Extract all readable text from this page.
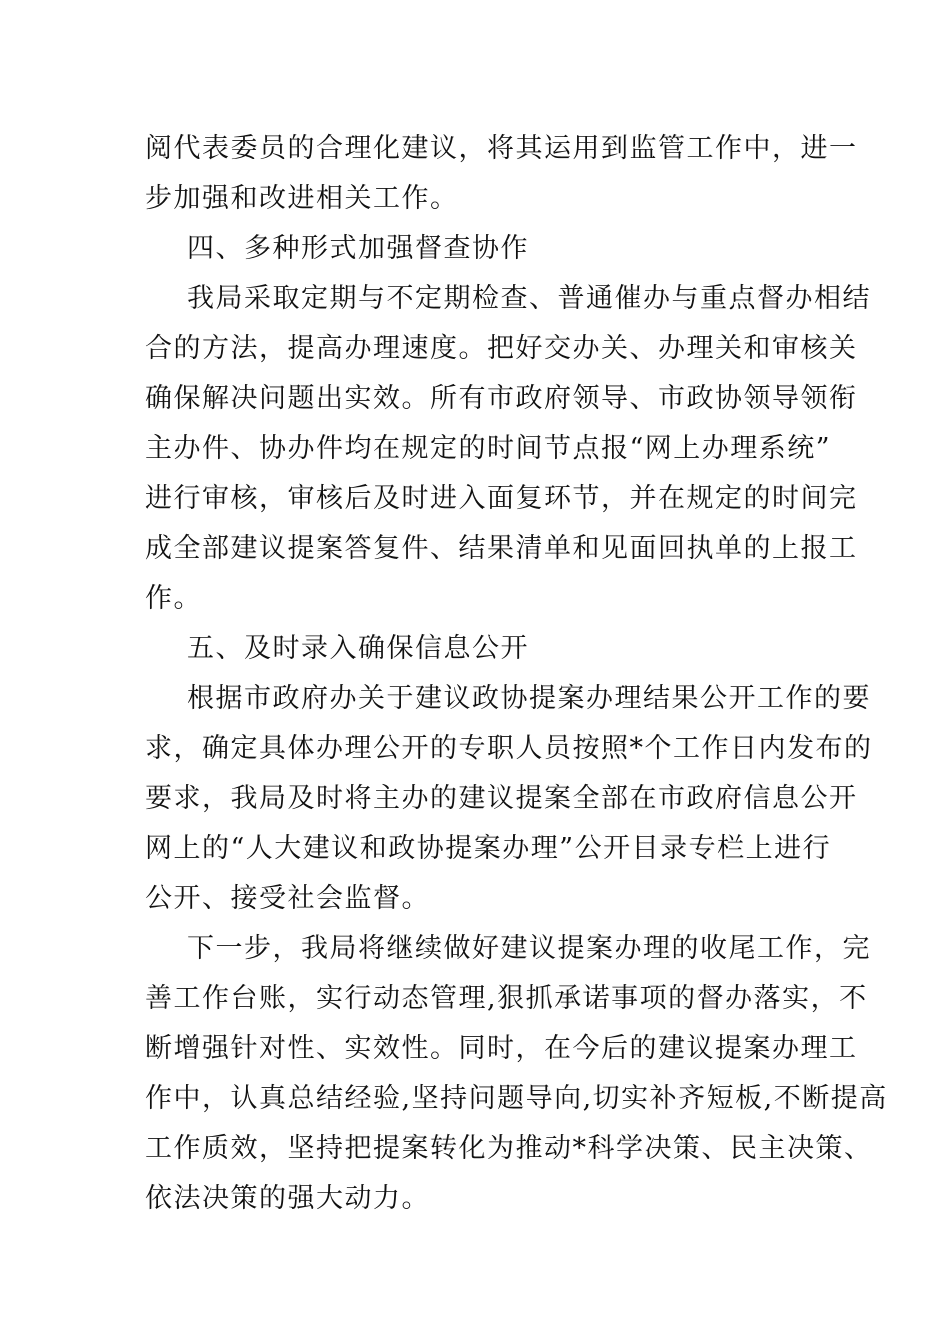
阅代表委员的合理化建议，将其运用到监管工作中，进一

步加强和改进相关工作。

四、多种形式加强督查协作

我局采取定期与不定期检查、普通催办与重点督办相结

合的方法，提高办理速度。把好交办关、办理关和审核关

确保解决问题出实效。所有市政府领导、市政协领导领衔

主办件、协办件均在规定的时间节点报“网上办理系统”

进行审核，审核后及时进入面复环节，并在规定的时间完

成全部建议提案答复件、结果清单和见面回执单的上报工

作。

五、及时录入确保信息公开

根据市政府办关于建议政协提案办理结果公开工作的要

求，确定具体办理公开的专职人员按照*个工作日内发布的

要求，我局及时将主办的建议提案全部在市政府信息公开

网上的“人大建议和政协提案办理”公开目录专栏上进行

公开、接受社会监督。

下一步，我局将继续做好建议提案办理的收尾工作，完

善工作台账，实行动态管理,狠抓承诺事项的督办落实，不

断增强针对性、实效性。同时，在今后的建议提案办理工

作中，认真总结经验,坚持问题导向,切实补齐短板,不断提高

工作质效，坚持把提案转化为推动*科学决策、民主决策、

依法决策的强大动力。
